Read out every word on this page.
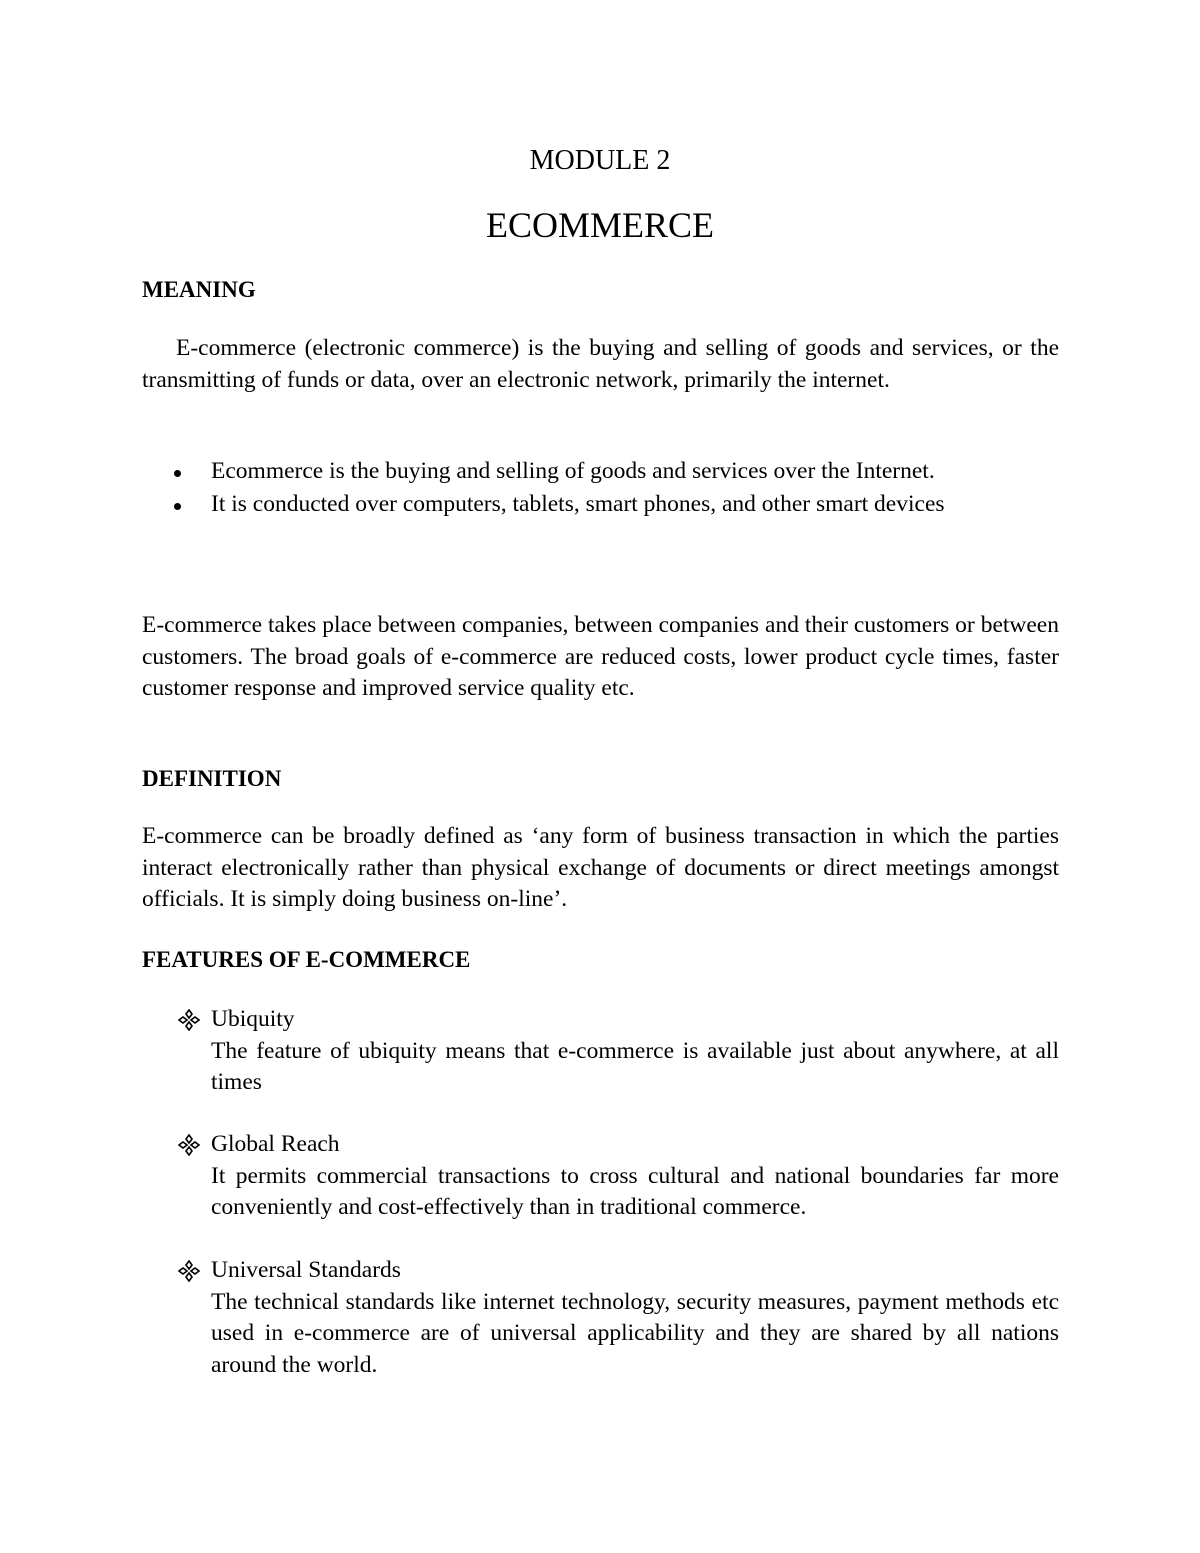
MODULE 2
ECOMMERCE
MEANING
E-commerce (electronic commerce) is the buying and selling of goods and services, or the transmitting of funds or data, over an electronic network, primarily the internet.
Ecommerce is the buying and selling of goods and services over the Internet.
It is conducted over computers, tablets, smart phones, and other smart devices
E-commerce takes place between companies, between companies and their customers or between customers. The broad goals of e-commerce are reduced costs, lower product cycle times, faster customer response and improved service quality etc.
DEFINITION
E-commerce can be broadly defined as ‘any form of business transaction in which the parties interact electronically rather than physical exchange of documents or direct meetings amongst officials. It is simply doing business on-line’.
FEATURES OF E-COMMERCE
Ubiquity
The feature of ubiquity means that e-commerce is available just about anywhere, at all times
Global Reach
It permits commercial transactions to cross cultural and national boundaries far more conveniently and cost-effectively than in traditional commerce.
Universal Standards
The technical standards like internet technology, security measures, payment methods etc used in e-commerce are of universal applicability and they are shared by all nations around the world.
